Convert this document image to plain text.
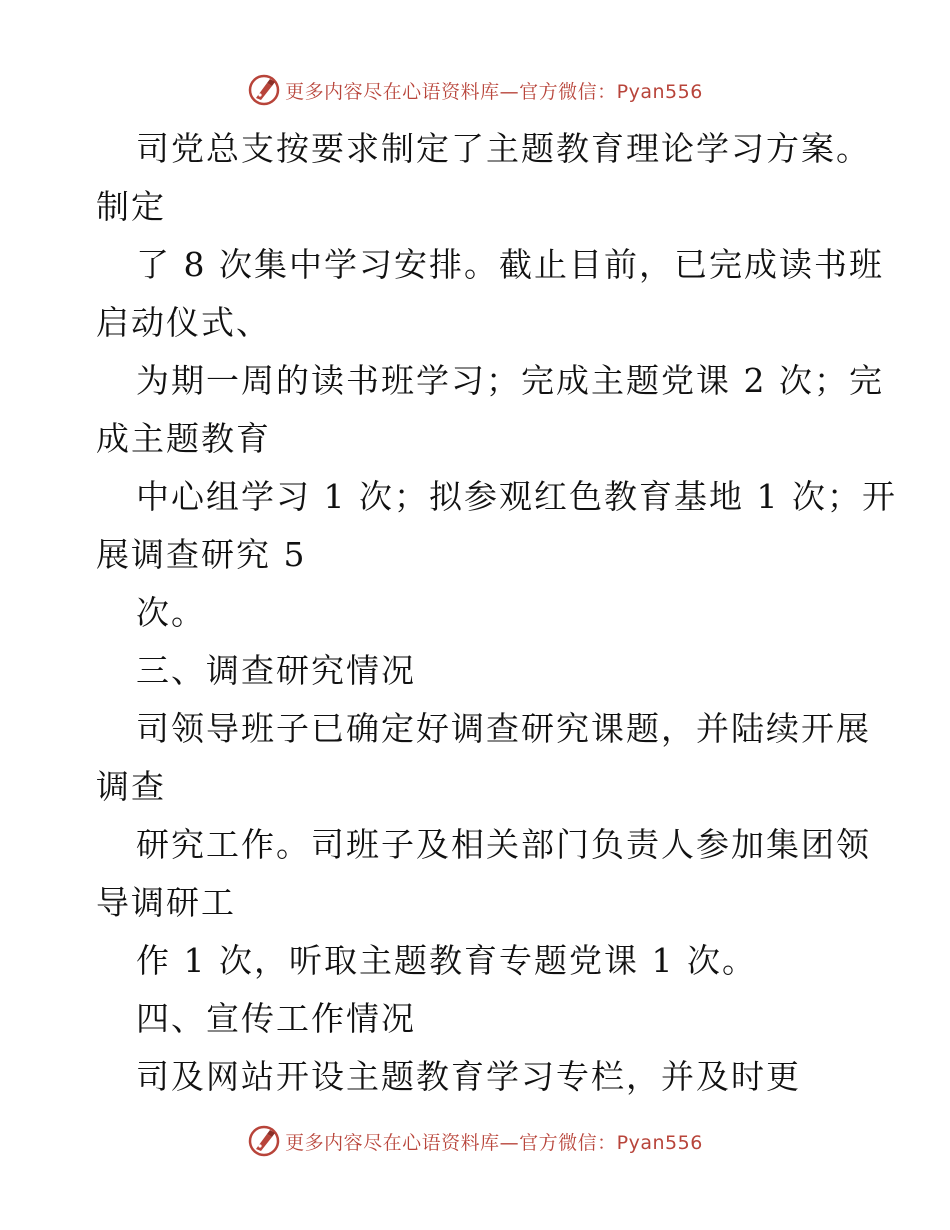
更多内容尽在心语资料库—官方微信：Pyan556
司党总支按要求制定了主题教育理论学习方案。
制定
了 8 次集中学习安排。截止目前，已完成读书班
启动仪式、
为期一周的读书班学习；完成主题党课 2 次；完
成主题教育
中心组学习 1 次；拟参观红色教育基地 1 次；开
展调查研究 5
次。
三、调查研究情况
司领导班子已确定好调查研究课题，并陆续开展
调查
研究工作。司班子及相关部门负责人参加集团领
导调研工
作 1 次，听取主题教育专题党课 1 次。
四、宣传工作情况
司及网站开设主题教育学习专栏，并及时更
更多内容尽在心语资料库—官方微信：Pyan556
